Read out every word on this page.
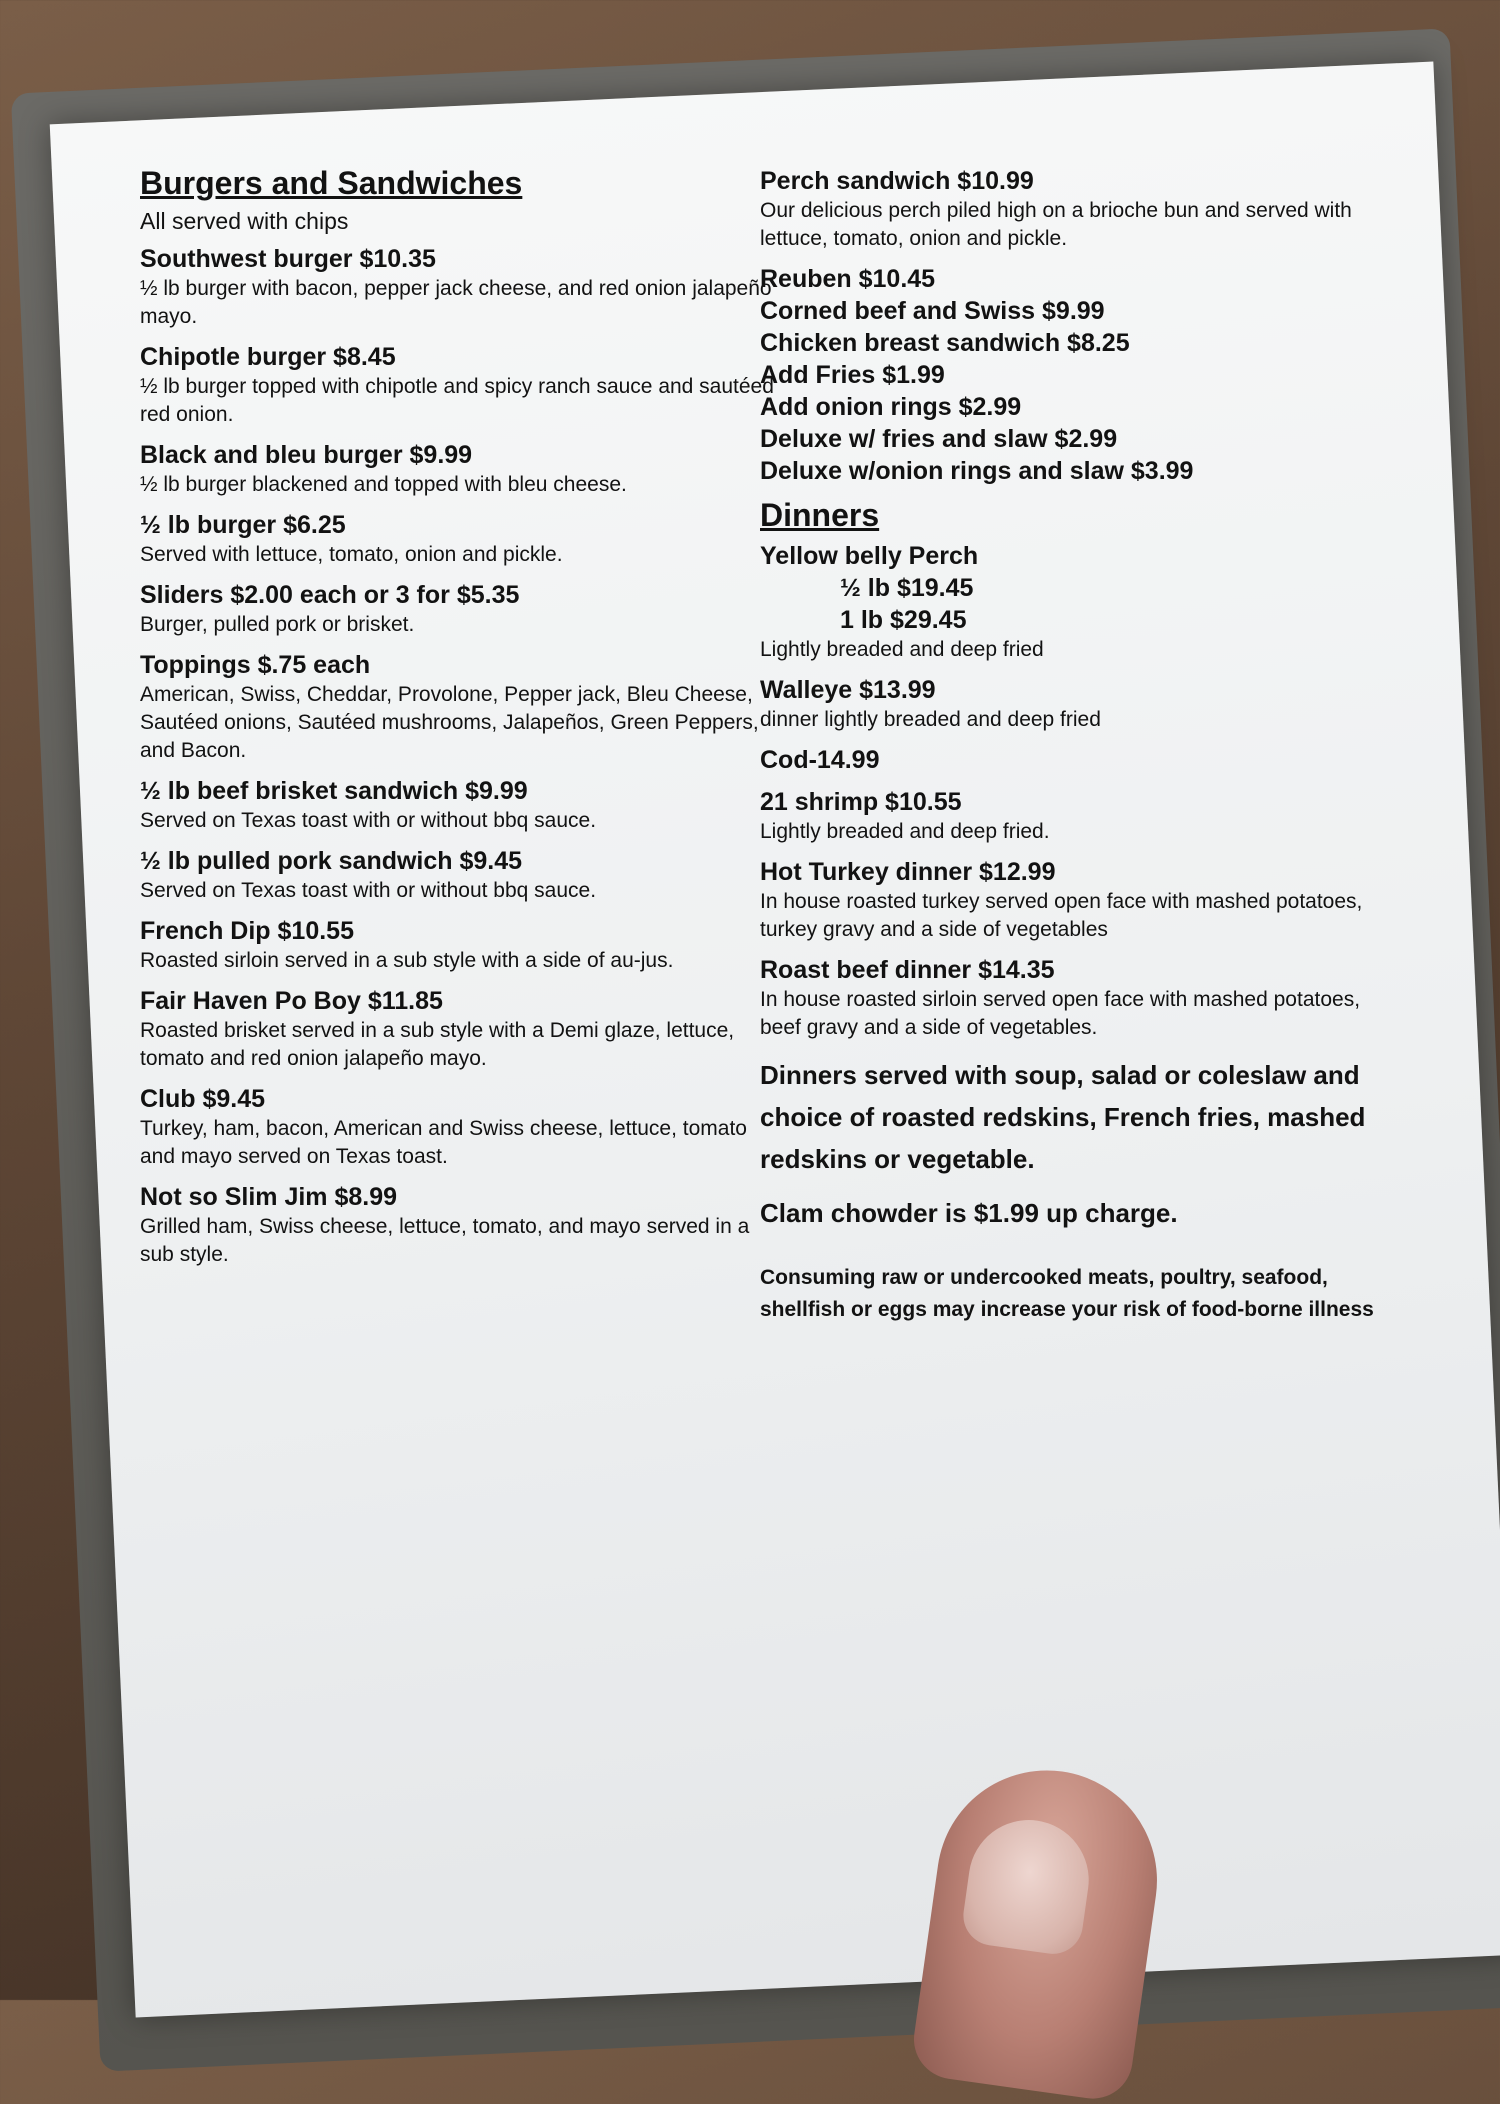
Burgers and Sandwiches
All served with chips
Southwest burger $10.35
½ lb burger with bacon, pepper jack cheese, and red onion jalapeño mayo.
Chipotle burger $8.45
½ lb burger topped with chipotle and spicy ranch sauce and sautéed red onion.
Black and bleu burger $9.99
½ lb burger blackened and topped with bleu cheese.
½ lb burger $6.25
Served with lettuce, tomato, onion and pickle.
Sliders $2.00 each or 3 for $5.35
Burger, pulled pork or brisket.
Toppings $.75 each
American, Swiss, Cheddar, Provolone, Pepper jack, Bleu Cheese, Sautéed onions, Sautéed mushrooms, Jalapeños, Green Peppers, and Bacon.
½ lb beef brisket sandwich $9.99
Served on Texas toast with or without bbq sauce.
½ lb pulled pork sandwich $9.45
Served on Texas toast with or without bbq sauce.
French Dip $10.55
Roasted sirloin served in a sub style with a side of au-jus.
Fair Haven Po Boy $11.85
Roasted brisket served in a sub style with a Demi glaze, lettuce, tomato and red onion jalapeño mayo.
Club $9.45
Turkey, ham, bacon, American and Swiss cheese, lettuce, tomato and mayo served on Texas toast.
Not so Slim Jim $8.99
Grilled ham, Swiss cheese, lettuce, tomato, and mayo served in a sub style.
Perch sandwich $10.99
Our delicious perch piled high on a brioche bun and served with lettuce, tomato, onion and pickle.
Reuben $10.45
Corned beef and Swiss $9.99
Chicken breast sandwich $8.25
Add Fries $1.99
Add onion rings $2.99
Deluxe w/ fries and slaw $2.99
Deluxe w/onion rings and slaw $3.99
Dinners
Yellow belly Perch
½ lb $19.45
1 lb $29.45
Lightly breaded and deep fried
Walleye $13.99
dinner lightly breaded and deep fried
Cod-14.99
21 shrimp $10.55
Lightly breaded and deep fried.
Hot Turkey dinner $12.99
In house roasted turkey served open face with mashed potatoes, turkey gravy and a side of vegetables
Roast beef dinner $14.35
In house roasted sirloin served open face with mashed potatoes, beef gravy and a side of vegetables.
Dinners served with soup, salad or coleslaw and choice of roasted redskins, French fries, mashed redskins or vegetable.
Clam chowder is $1.99 up charge.
Consuming raw or undercooked meats, poultry, seafood, shellfish or eggs may increase your risk of food-borne illness
